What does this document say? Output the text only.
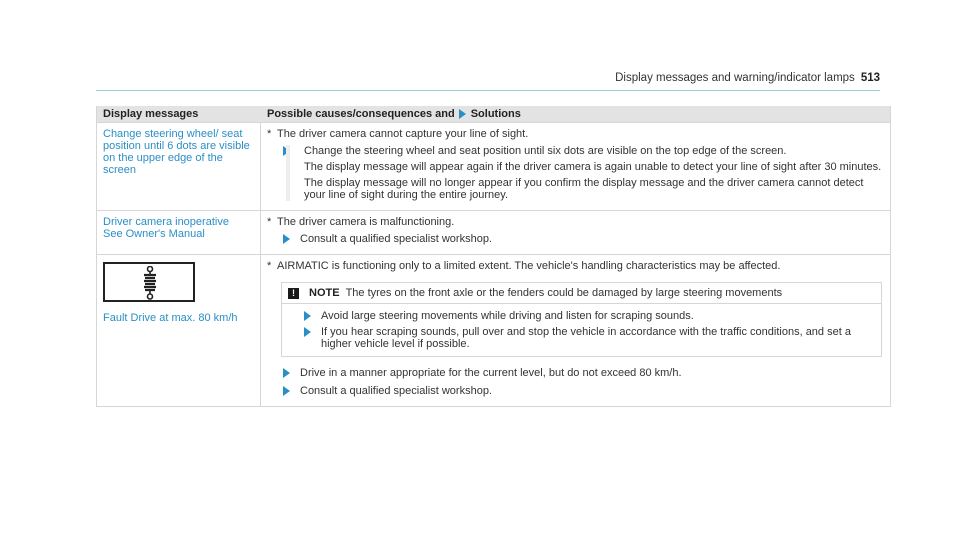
Display messages and warning/indicator lamps 513
Display messages	Possible causes/consequences and Solutions
Change steering wheel/ seat position until 6 dots are visible on the upper edge of the screen
* The driver camera cannot capture your line of sight.

Change the steering wheel and seat position until six dots are visible on the top edge of the screen.

The display message will appear again if the driver camera is again unable to detect your line of sight after 30 minutes.

The display message will no longer appear if you confirm the display message and the driver camera cannot detect your line of sight during the entire journey.

Driver camera inoperative
See Owner's Manual
* The driver camera is malfunctioning.
Consult a qualified specialist workshop.
Fault Drive at max. 80 km/h
* AIRMATIC is functioning only to a limited extent. The vehicle's handling characteristics may be affected.
!	NOTE The tyres on the front axle or the fenders could be damaged by large steering movements
Avoid large steering movements while driving and listen for scraping sounds.
If you hear scraping sounds, pull over and stop the vehicle in accordance with the traffic conditions, and set a higher vehicle level if possible.
Drive in a manner appropriate for the current level, but do not exceed 80 km/h.
Consult a qualified specialist workshop.
